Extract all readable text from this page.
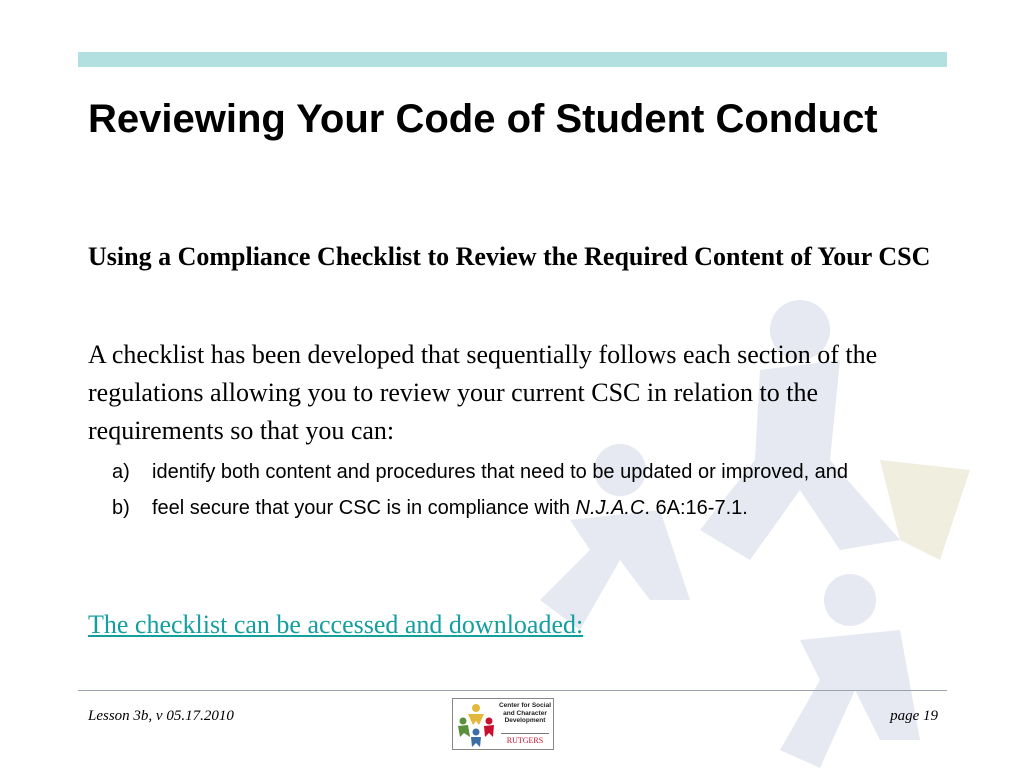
Reviewing Your Code of Student Conduct
Using a Compliance Checklist to Review the Required Content of Your CSC

A checklist has been developed that sequentially follows each section of the regulations allowing you to review your current CSC in relation to the requirements so that you can:

a)	identify both content and procedures that need to be updated or improved, and
b)	feel secure that your CSC is in compliance with N.J.A.C. 6A:16-7.1.
The checklist can be accessed and downloaded:
Lesson 3b, v 05.17.2010	page 19
Center for Social
and Character
Development
RUTGERS
